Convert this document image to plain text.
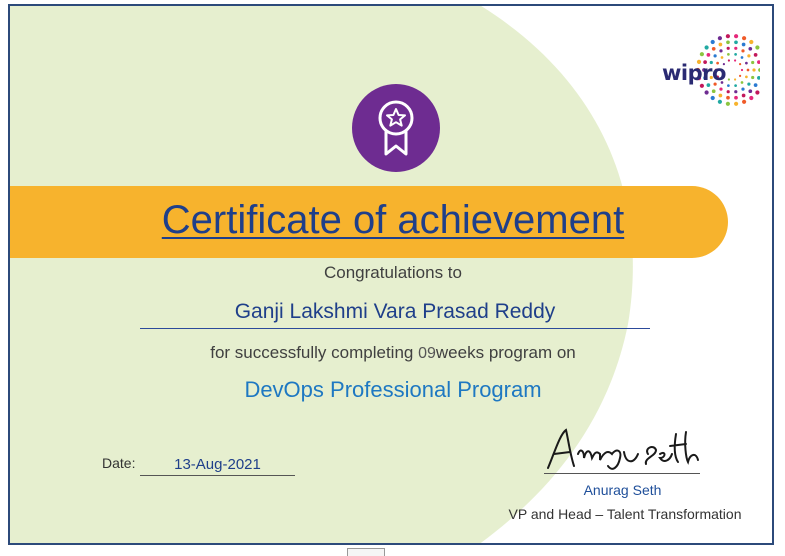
wipro
Certificate of achievement
Congratulations to
Ganji Lakshmi Vara Prasad Reddy
for successfully completing 09weeks program on
DevOps Professional Program
Date:	13-Aug-2021
Anurag Seth
Anurag Seth
VP and Head – Talent Transformation
